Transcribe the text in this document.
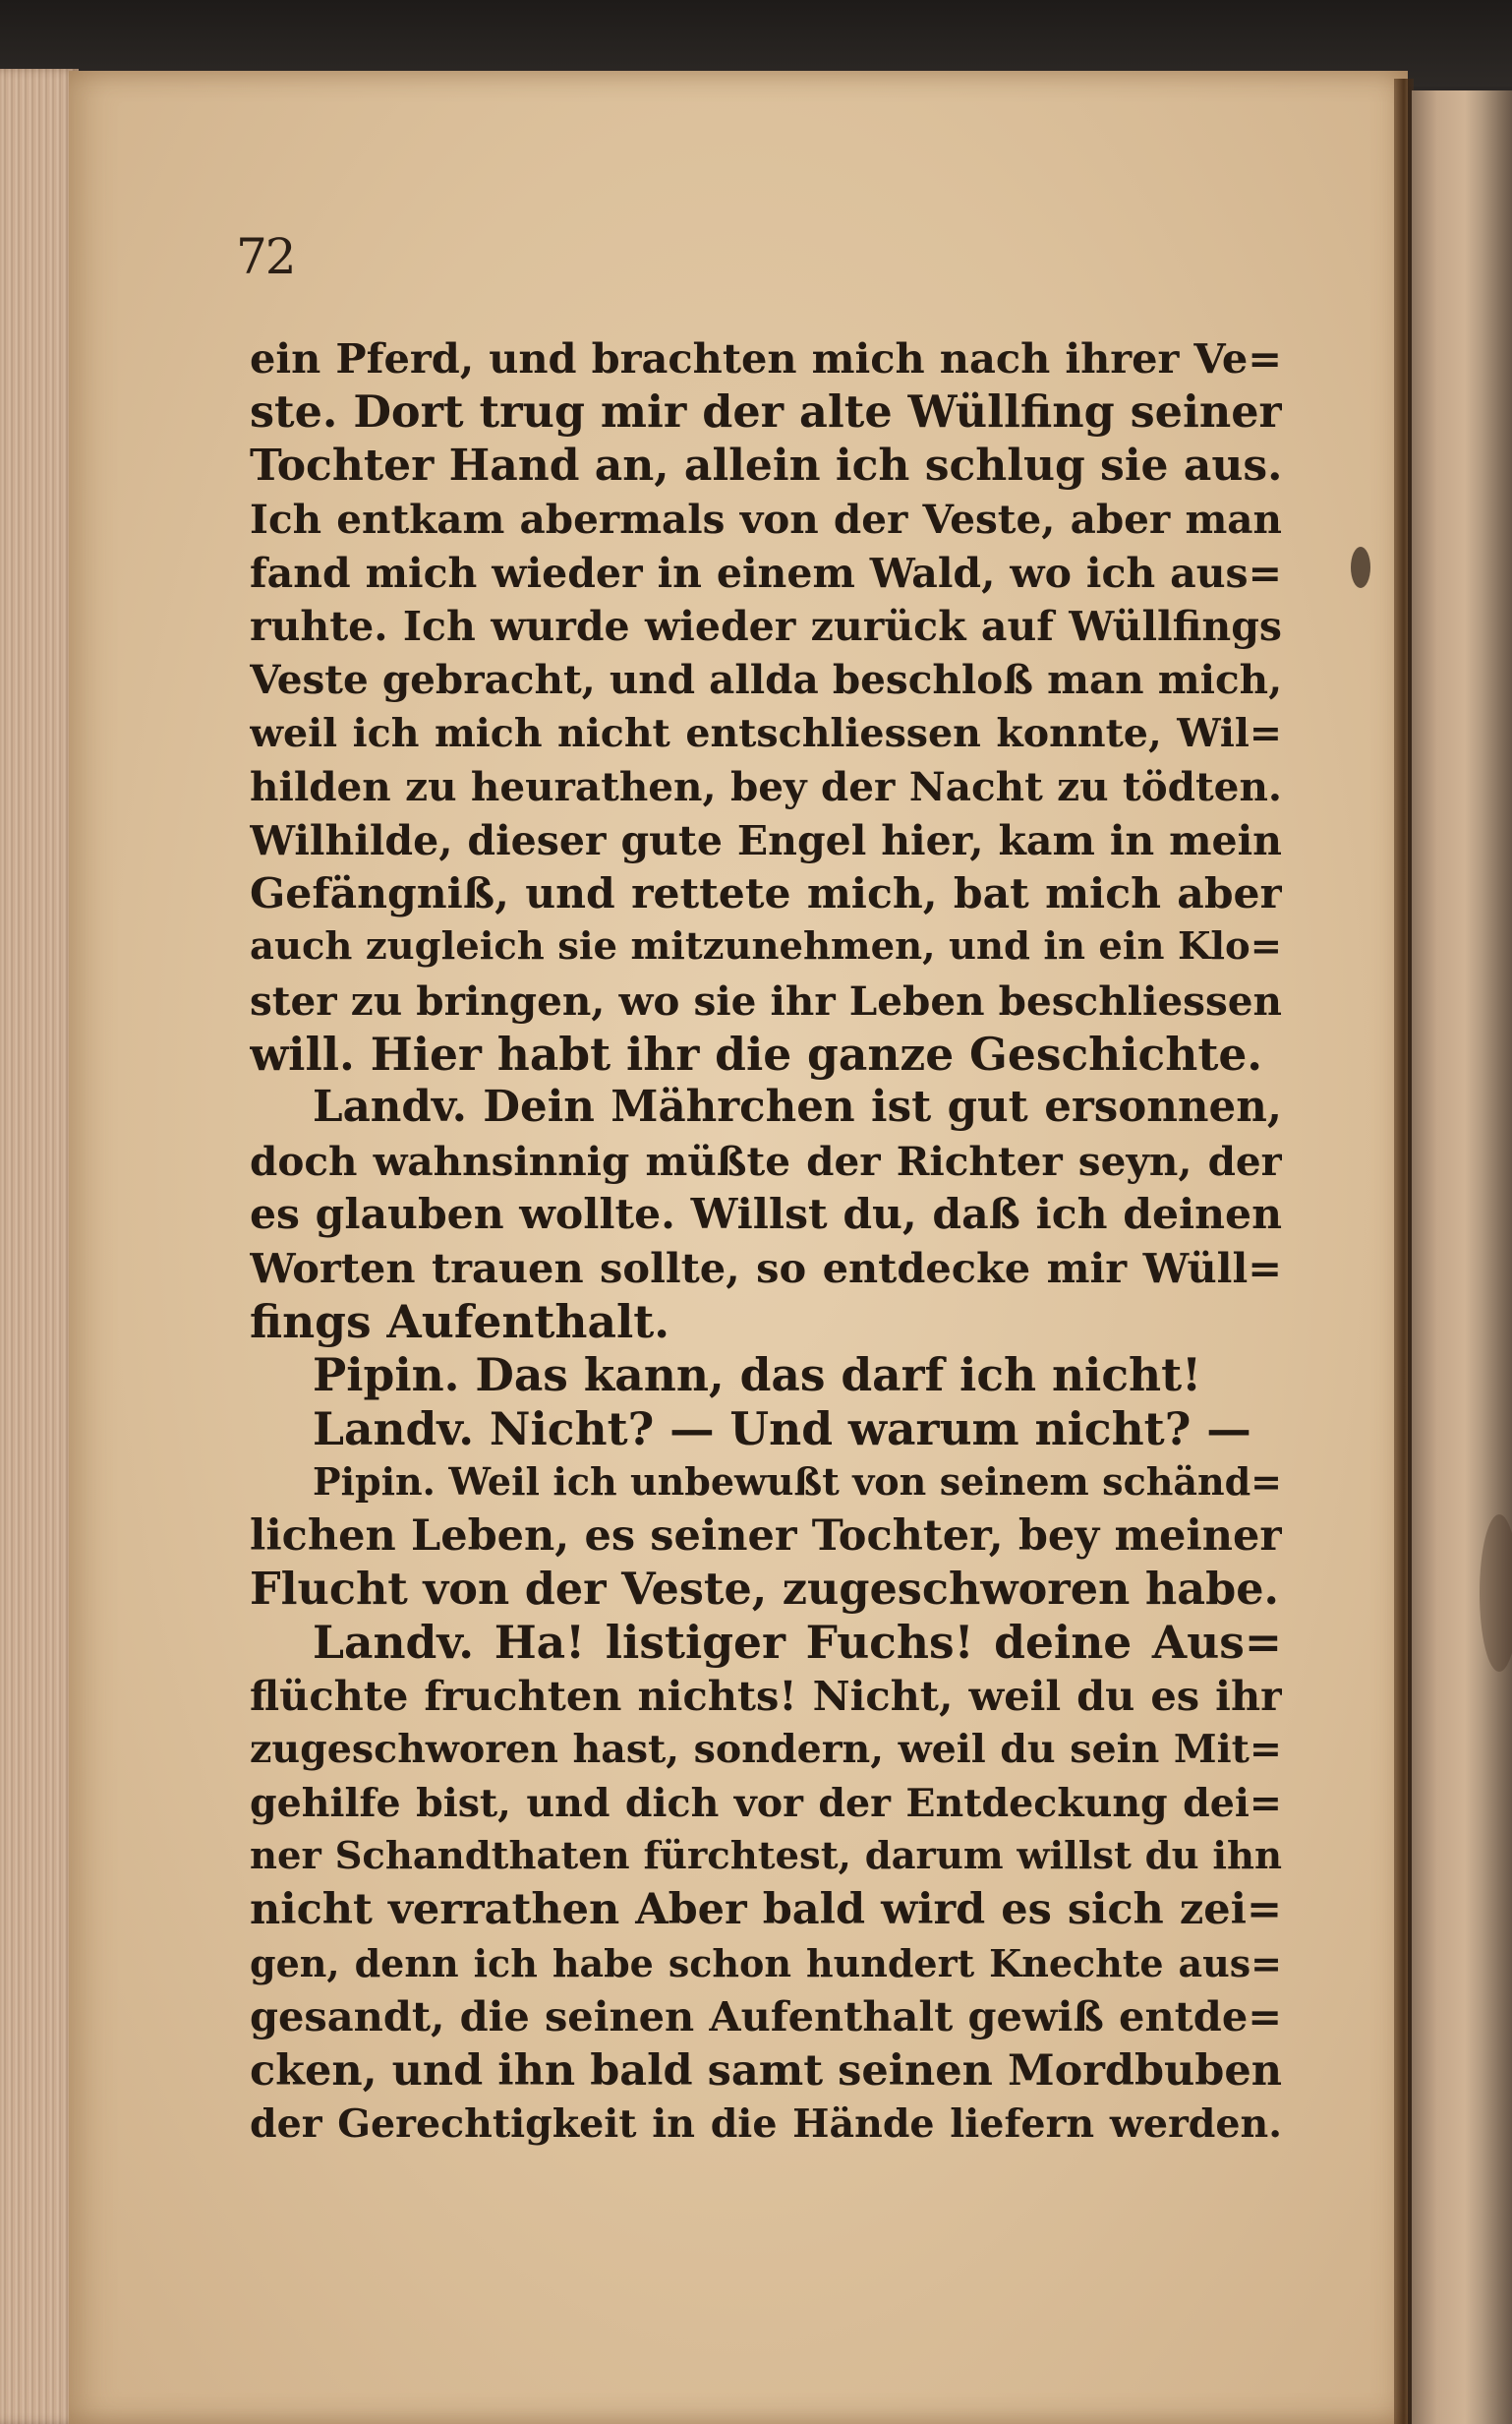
72

ein Pferd, und brachten mich nach ihrer Ve=
ste. Dort trug mir der alte Wüllfing seiner
Tochter Hand an, allein ich schlug sie aus.
Ich entkam abermals von der Veste, aber man
fand mich wieder in einem Wald, wo ich aus=
ruhte. Ich wurde wieder zurück auf Wüllfings
Veste gebracht, und allda beschloß man mich,
weil ich mich nicht entschliessen konnte, Wil=
hilden zu heurathen, bey der Nacht zu tödten.
Wilhilde, dieser gute Engel hier, kam in mein
Gefängniß, und rettete mich, bat mich aber
auch zugleich sie mitzunehmen, und in ein Klo=
ster zu bringen, wo sie ihr Leben beschliessen
will. Hier habt ihr die ganze Geschichte.
Landv. Dein Mährchen ist gut ersonnen,
doch wahnsinnig müßte der Richter seyn, der
es glauben wollte. Willst du, daß ich deinen
Worten trauen sollte, so entdecke mir Wüll=
fings Aufenthalt.
Pipin. Das kann, das darf ich nicht!
Landv. Nicht? — Und warum nicht? —
Pipin. Weil ich unbewußt von seinem schänd=
lichen Leben, es seiner Tochter, bey meiner
Flucht von der Veste, zugeschworen habe.
Landv. Ha! listiger Fuchs! deine Aus=
flüchte fruchten nichts! Nicht, weil du es ihr
zugeschworen hast, sondern, weil du sein Mit=
gehilfe bist, und dich vor der Entdeckung dei=
ner Schandthaten fürchtest, darum willst du ihn
nicht verrathen Aber bald wird es sich zei=
gen, denn ich habe schon hundert Knechte aus=
gesandt, die seinen Aufenthalt gewiß entde=
cken, und ihn bald samt seinen Mordbuben
der Gerechtigkeit in die Hände liefern werden.
